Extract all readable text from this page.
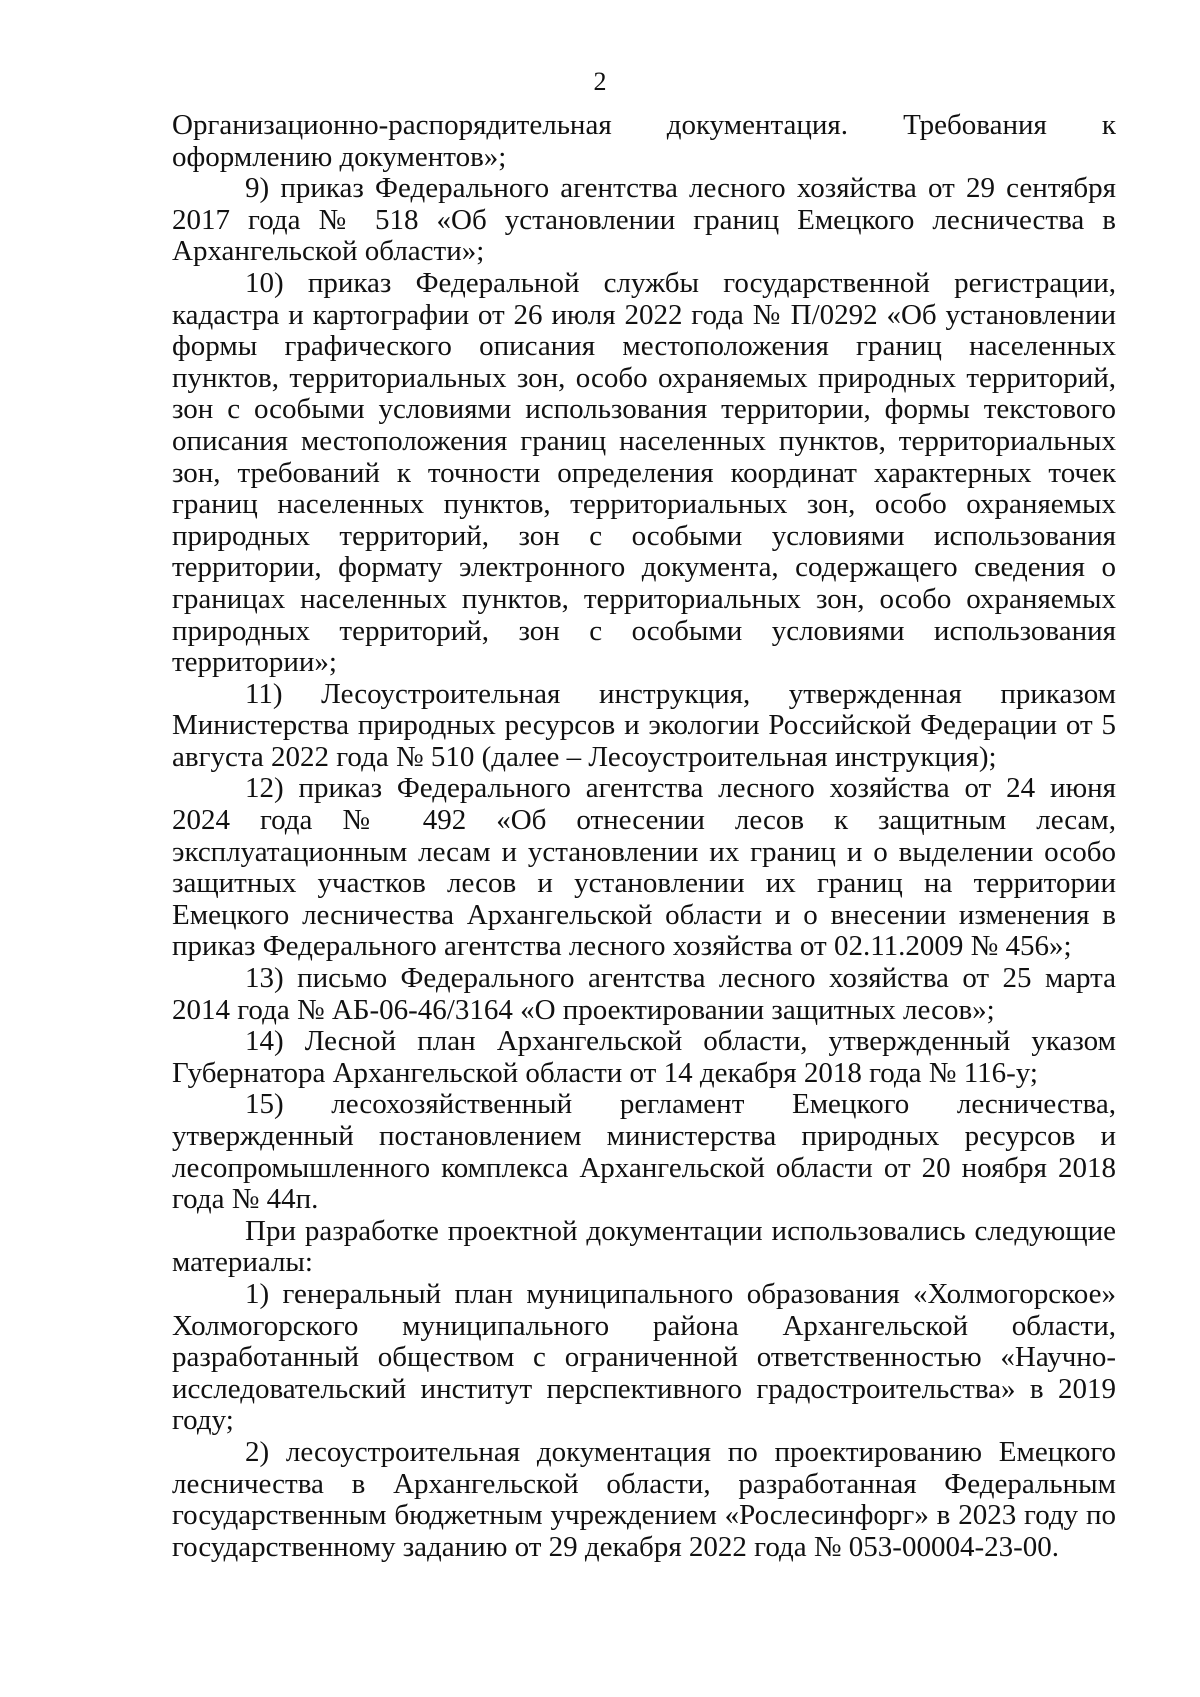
2

Организационно-распорядительная документация. Требования к оформлению документов»;

9) приказ Федерального агентства лесного хозяйства от 29 сентября 2017 года № 518 «Об установлении границ Емецкого лесничества в Архангельской области»;

10) приказ Федеральной службы государственной регистрации, кадастра и картографии от 26 июля 2022 года № П/0292 «Об установлении формы графического описания местоположения границ населенных пунктов, территориальных зон, особо охраняемых природных территорий, зон с особыми условиями использования территории, формы текстового описания местоположения границ населенных пунктов, территориальных зон, требований к точности определения координат характерных точек границ населенных пунктов, территориальных зон, особо охраняемых природных территорий, зон с особыми условиями использования территории, формату электронного документа, содержащего сведения о границах населенных пунктов, территориальных зон, особо охраняемых природных территорий, зон с особыми условиями использования территории»;

11) Лесоустроительная инструкция, утвержденная приказом Министерства природных ресурсов и экологии Российской Федерации от 5 августа 2022 года № 510 (далее – Лесоустроительная инструкция);

12) приказ Федерального агентства лесного хозяйства от 24 июня 2024 года № 492 «Об отнесении лесов к защитным лесам, эксплуатационным лесам и установлении их границ и о выделении особо защитных участков лесов и установлении их границ на территории Емецкого лесничества Архангельской области и о внесении изменения в приказ Федерального агентства лесного хозяйства от 02.11.2009 № 456»;

13) письмо Федерального агентства лесного хозяйства от 25 марта 2014 года № АБ-06-46/3164 «О проектировании защитных лесов»;

14) Лесной план Архангельской области, утвержденный указом Губернатора Архангельской области от 14 декабря 2018 года № 116-у;

15) лесохозяйственный регламент Емецкого лесничества, утвержденный постановлением министерства природных ресурсов и лесопромышленного комплекса Архангельской области от 20 ноября 2018 года № 44п.

При разработке проектной документации использовались следующие материалы:

1) генеральный план муниципального образования «Холмогорское» Холмогорского муниципального района Архангельской области, разработанный обществом с ограниченной ответственностью «Научно-исследовательский институт перспективного градостроительства» в 2019 году;

2) лесоустроительная документация по проектированию Емецкого лесничества в Архангельской области, разработанная Федеральным государственным бюджетным учреждением «Рослесинфорг» в 2023 году по государственному заданию от 29 декабря 2022 года № 053-00004-23-00.
